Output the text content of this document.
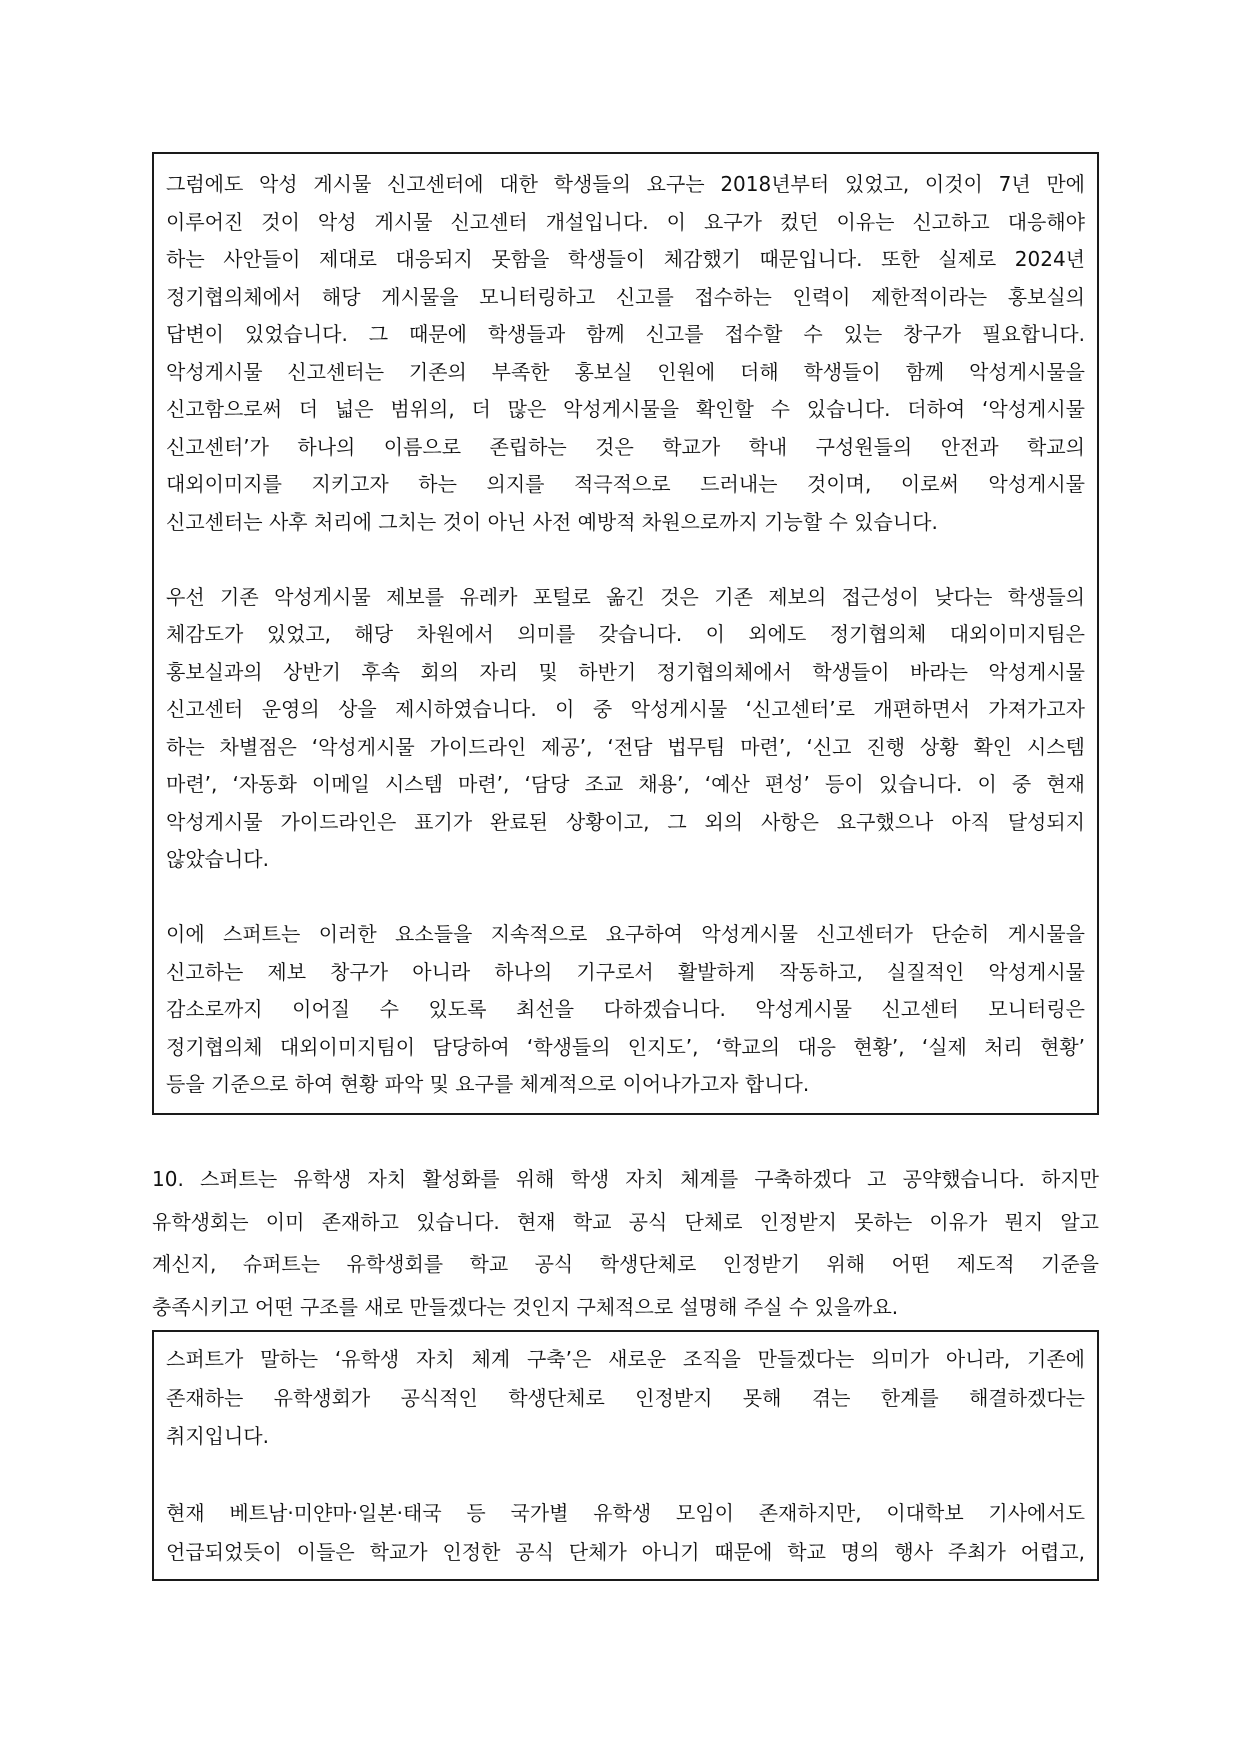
그럼에도 악성 게시물 신고센터에 대한 학생들의 요구는 2018년부터 있었고, 이것이 7년 만에
이루어진 것이 악성 게시물 신고센터 개설입니다. 이 요구가 컸던 이유는 신고하고 대응해야
하는 사안들이 제대로 대응되지 못함을 학생들이 체감했기 때문입니다. 또한 실제로 2024년
정기협의체에서 해당 게시물을 모니터링하고 신고를 접수하는 인력이 제한적이라는 홍보실의
답변이 있었습니다. 그 때문에 학생들과 함께 신고를 접수할 수 있는 창구가 필요합니다.
악성게시물 신고센터는 기존의 부족한 홍보실 인원에 더해 학생들이 함께 악성게시물을
신고함으로써 더 넓은 범위의, 더 많은 악성게시물을 확인할 수 있습니다. 더하여 ‘악성게시물
신고센터’가 하나의 이름으로 존립하는 것은 학교가 학내 구성원들의 안전과 학교의
대외이미지를 지키고자 하는 의지를 적극적으로 드러내는 것이며, 이로써 악성게시물
신고센터는 사후 처리에 그치는 것이 아닌 사전 예방적 차원으로까지 기능할 수 있습니다.
우선 기존 악성게시물 제보를 유레카 포털로 옮긴 것은 기존 제보의 접근성이 낮다는 학생들의
체감도가 있었고, 해당 차원에서 의미를 갖습니다. 이 외에도 정기협의체 대외이미지팀은
홍보실과의 상반기 후속 회의 자리 및 하반기 정기협의체에서 학생들이 바라는 악성게시물
신고센터 운영의 상을 제시하였습니다. 이 중 악성게시물 ‘신고센터’로 개편하면서 가져가고자
하는 차별점은 ‘악성게시물 가이드라인 제공’, ‘전담 법무팀 마련’, ‘신고 진행 상황 확인 시스템
마련’, ‘자동화 이메일 시스템 마련’, ‘담당 조교 채용’, ‘예산 편성’ 등이 있습니다. 이 중 현재
악성게시물 가이드라인은 표기가 완료된 상황이고, 그 외의 사항은 요구했으나 아직 달성되지
않았습니다.
이에 스퍼트는 이러한 요소들을 지속적으로 요구하여 악성게시물 신고센터가 단순히 게시물을
신고하는 제보 창구가 아니라 하나의 기구로서 활발하게 작동하고, 실질적인 악성게시물
감소로까지 이어질 수 있도록 최선을 다하겠습니다. 악성게시물 신고센터 모니터링은
정기협의체 대외이미지팀이 담당하여 ‘학생들의 인지도’, ‘학교의 대응 현황’, ‘실제 처리 현황’
등을 기준으로 하여 현황 파악 및 요구를 체계적으로 이어나가고자 합니다.
10. 스퍼트는 유학생 자치 활성화를 위해 학생 자치 체계를 구축하겠다 고 공약했습니다. 하지만
유학생회는 이미 존재하고 있습니다. 현재 학교 공식 단체로 인정받지 못하는 이유가 뭔지 알고
계신지, 슈퍼트는 유학생회를 학교 공식 학생단체로 인정받기 위해 어떤 제도적 기준을
충족시키고 어떤 구조를 새로 만들겠다는 것인지 구체적으로 설명해 주실 수 있을까요.
스퍼트가 말하는 ‘유학생 자치 체계 구축’은 새로운 조직을 만들겠다는 의미가 아니라, 기존에
존재하는 유학생회가 공식적인 학생단체로 인정받지 못해 겪는 한계를 해결하겠다는
취지입니다.
현재 베트남·미얀마·일본·태국 등 국가별 유학생 모임이 존재하지만, 이대학보 기사에서도
언급되었듯이 이들은 학교가 인정한 공식 단체가 아니기 때문에 학교 명의 행사 주최가 어렵고,
